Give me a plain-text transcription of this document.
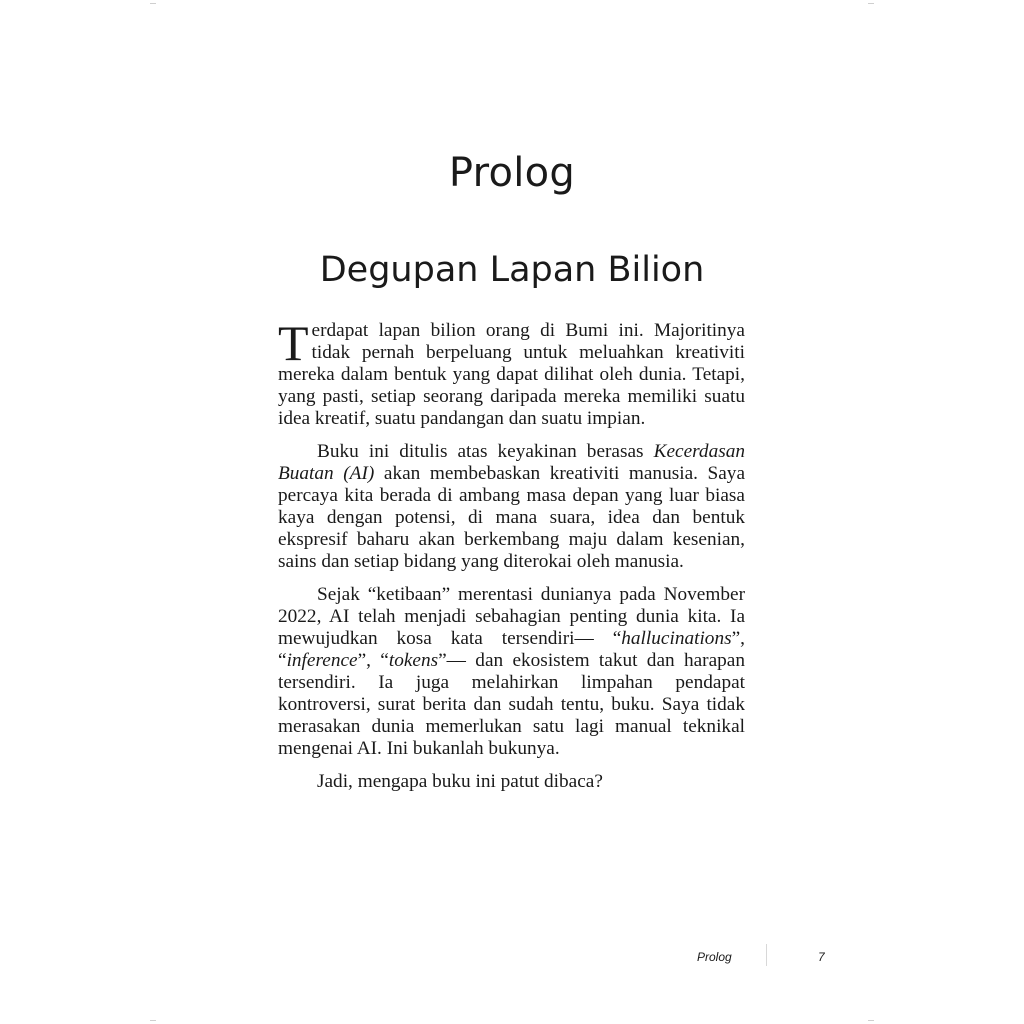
Prolog
Degupan Lapan Bilion

Terdapat lapan bilion orang di Bumi ini. Majoritinya tidak pernah berpeluang untuk meluahkan kreativiti mereka dalam bentuk yang dapat dilihat oleh dunia. Tetapi, yang pasti, setiap seorang daripada mereka memiliki suatu idea kreatif, suatu pandangan dan suatu impian.

Buku ini ditulis atas keyakinan berasas Kecerdasan Buatan (AI) akan membebaskan kreativiti manusia. Saya percaya kita berada di ambang masa depan yang luar biasa kaya dengan potensi, di mana suara, idea dan bentuk ekspresif baharu akan berkembang maju dalam kesenian, sains dan setiap bidang yang diterokai oleh manusia.

Sejak “ketibaan” merentasi dunianya pada November 2022, AI telah menjadi sebahagian penting dunia kita. Ia mewujudkan kosa kata tersendiri— “hallucinations”, “inference”, “tokens”— dan ekosistem takut dan harapan tersendiri. Ia juga melahirkan limpahan pendapat kontroversi, surat berita dan sudah tentu, buku. Saya tidak merasakan dunia memerlukan satu lagi manual teknikal mengenai AI. Ini bukanlah bukunya.

Jadi, mengapa buku ini patut dibaca?

Prolog	7
